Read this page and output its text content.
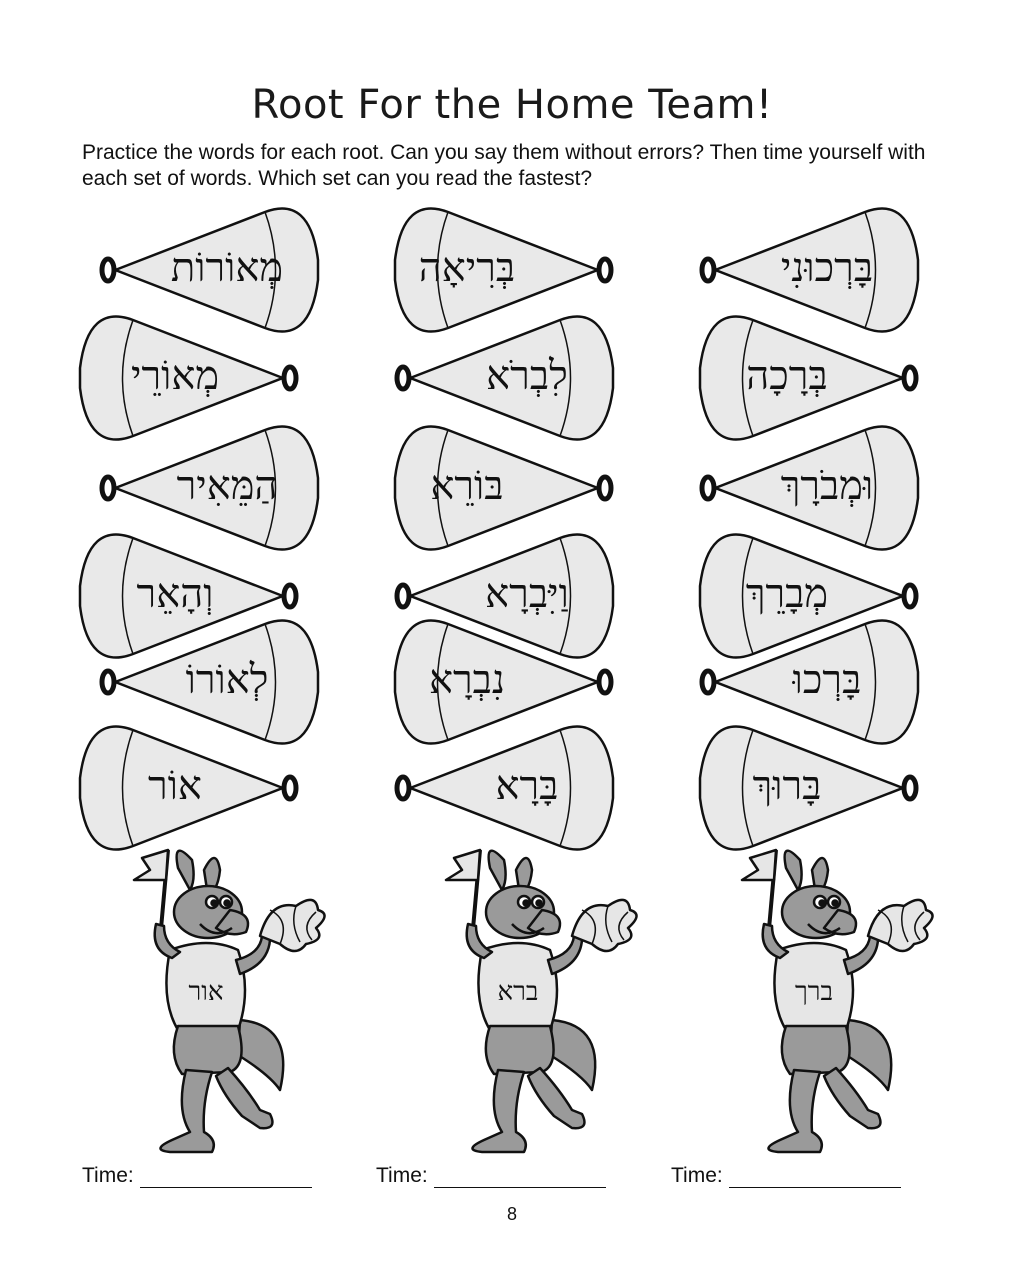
Root For the Home Team!

Practice the words for each root. Can you say them without errors? Then time yourself with each set of words. Which set can you read the fastest?

מְאוֹרוֹת
מְאוֹרֵי
הַמֵּאִיר
וְהָאֵר
לְאוֹרוֹ
אוֹר
בְּרִיאָה
לִבְרֹא
בּוֹרֵא
וַיִּבְרָא
נִבְרָא
בָּרָא
בָּרְכוּנִי
בְּרָכָה
וּמְבֹרָךְ
מְבָרֵךְ
בָּרְכוּ
בָּרוּךְ
אור	ברא	ברך
Time:	Time:	Time:
8
